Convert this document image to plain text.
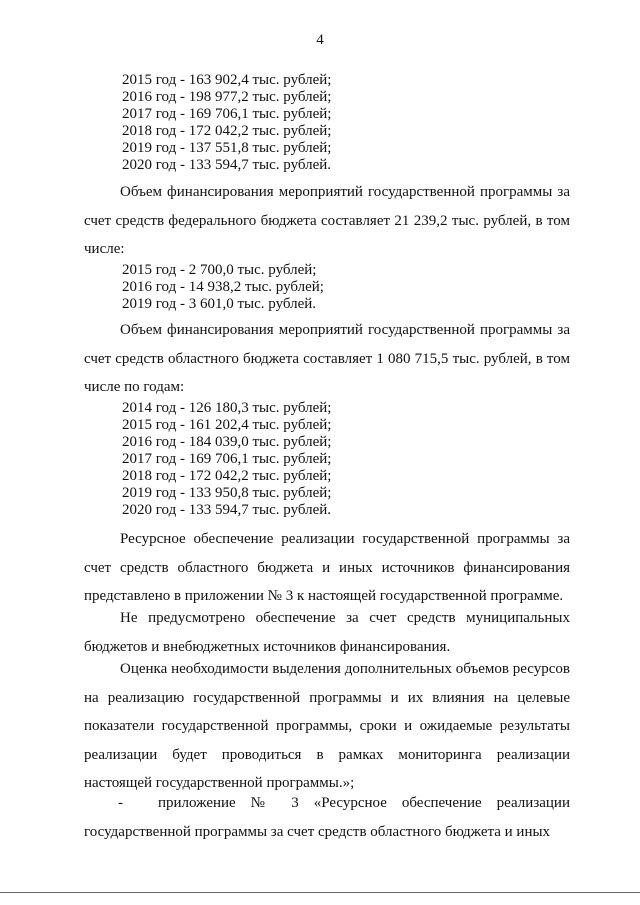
4
2015 год - 163 902,4 тыс. рублей;
2016 год - 198 977,2 тыс. рублей;
2017 год - 169 706,1 тыс. рублей;
2018 год - 172 042,2 тыс. рублей;
2019 год - 137 551,8 тыс. рублей;
2020 год - 133 594,7 тыс. рублей.
Объем финансирования мероприятий государственной программы за счет средств федерального бюджета составляет 21 239,2 тыс. рублей, в том числе:
2015 год - 2 700,0 тыс. рублей;
2016 год - 14 938,2 тыс. рублей;
2019 год - 3 601,0 тыс. рублей.
Объем финансирования мероприятий государственной программы за счет средств областного бюджета составляет 1 080 715,5 тыс. рублей, в том числе по годам:
2014 год - 126 180,3 тыс. рублей;
2015 год - 161 202,4 тыс. рублей;
2016 год - 184 039,0 тыс. рублей;
2017 год - 169 706,1 тыс. рублей;
2018 год - 172 042,2 тыс. рублей;
2019 год - 133 950,8 тыс. рублей;
2020 год - 133 594,7 тыс. рублей.
Ресурсное обеспечение реализации государственной программы за счет средств областного бюджета и иных источников финансирования представлено в приложении № 3 к настоящей государственной программе.
Не предусмотрено обеспечение за счет средств муниципальных бюджетов и внебюджетных источников финансирования.
Оценка необходимости выделения дополнительных объемов ресурсов на реализацию государственной программы и их влияния на целевые показатели государственной программы, сроки и ожидаемые результаты реализации будет проводиться в рамках мониторинга реализации настоящей государственной программы.»;
- приложение № 3 «Ресурсное обеспечение реализации государственной программы за счет средств областного бюджета и иных
